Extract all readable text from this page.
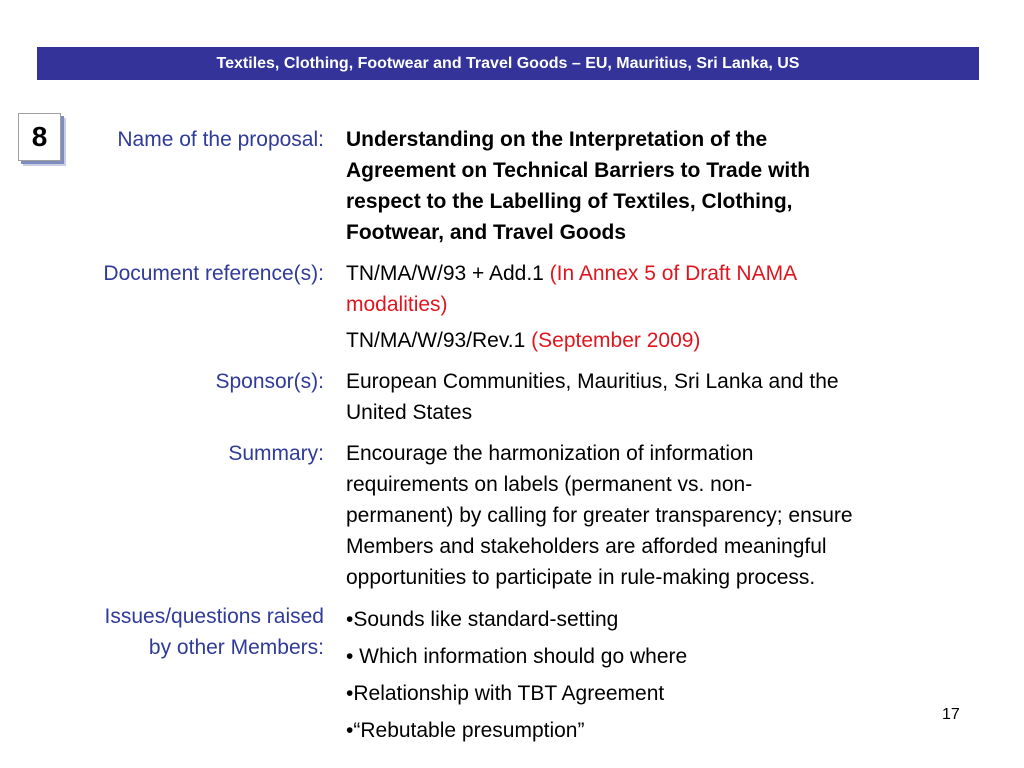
Textiles, Clothing, Footwear and Travel Goods – EU, Mauritius, Sri Lanka, US
8	Name of the proposal: Understanding on the Interpretation of the
Agreement on Technical Barriers to Trade with
respect to the Labelling of Textiles, Clothing,
Footwear, and Travel Goods
Document reference(s): TN/MA/W/93 + Add.1 (In Annex 5 of Draft NAMA
modalities)
TN/MA/W/93/Rev.1 (September 2009)
Sponsor(s): European Communities, Mauritius, Sri Lanka and the
United States
Summary: Encourage the harmonization of information
requirements on labels (permanent vs. non-
permanent) by calling for greater transparency; ensure
Members and stakeholders are afforded meaningful
opportunities to participate in rule-making process.
Issues/questions raised
by other Members:
•Sounds like standard-setting
• Which information should go where
•Relationship with TBT Agreement
•“Rebutable presumption”
17
